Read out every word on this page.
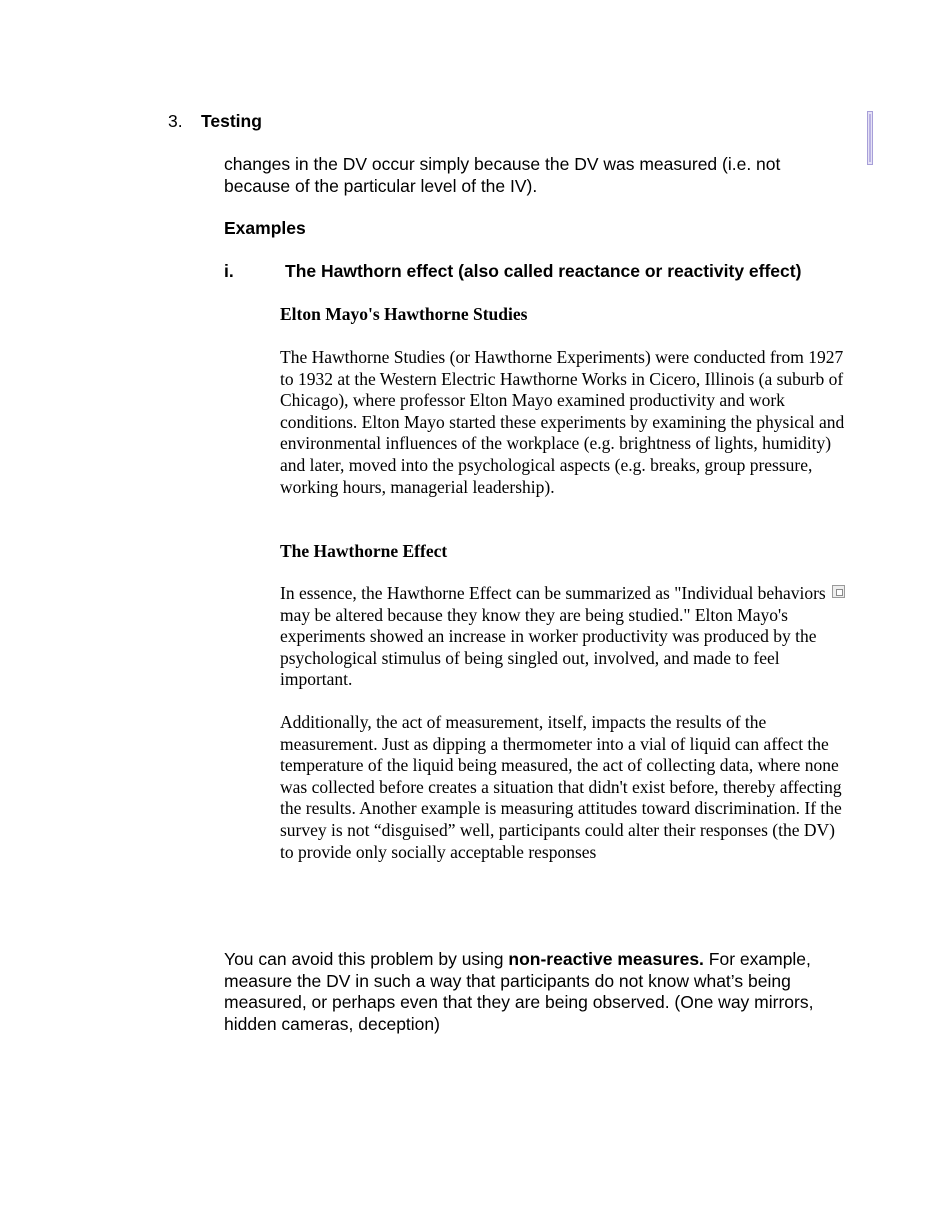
3. Testing

changes in the DV occur simply because the DV was measured (i.e. not because of the particular level of the IV).

Examples

i.	The Hawthorn effect (also called reactance or reactivity effect)

Elton Mayo's Hawthorne Studies

The Hawthorne Studies (or Hawthorne Experiments) were conducted from 1927 to 1932 at the Western Electric Hawthorne Works in Cicero, Illinois (a suburb of Chicago), where professor Elton Mayo examined productivity and work conditions. Elton Mayo started these experiments by examining the physical and environmental influences of the workplace (e.g. brightness of lights, humidity) and later, moved into the psychological aspects (e.g. breaks, group pressure, working hours, managerial leadership).

The Hawthorne Effect

In essence, the Hawthorne Effect can be summarized as "Individual behaviors may be altered because they know they are being studied." Elton Mayo's experiments showed an increase in worker productivity was produced by the psychological stimulus of being singled out, involved, and made to feel important.

Additionally, the act of measurement, itself, impacts the results of the measurement. Just as dipping a thermometer into a vial of liquid can affect the temperature of the liquid being measured, the act of collecting data, where none was collected before creates a situation that didn't exist before, thereby affecting the results. Another example is measuring attitudes toward discrimination. If the survey is not “disguised” well, participants could alter their responses (the DV) to provide only socially acceptable responses

You can avoid this problem by using non-reactive measures. For example, measure the DV in such a way that participants do not know what’s being measured, or perhaps even that they are being observed. (One way mirrors, hidden cameras, deception)
